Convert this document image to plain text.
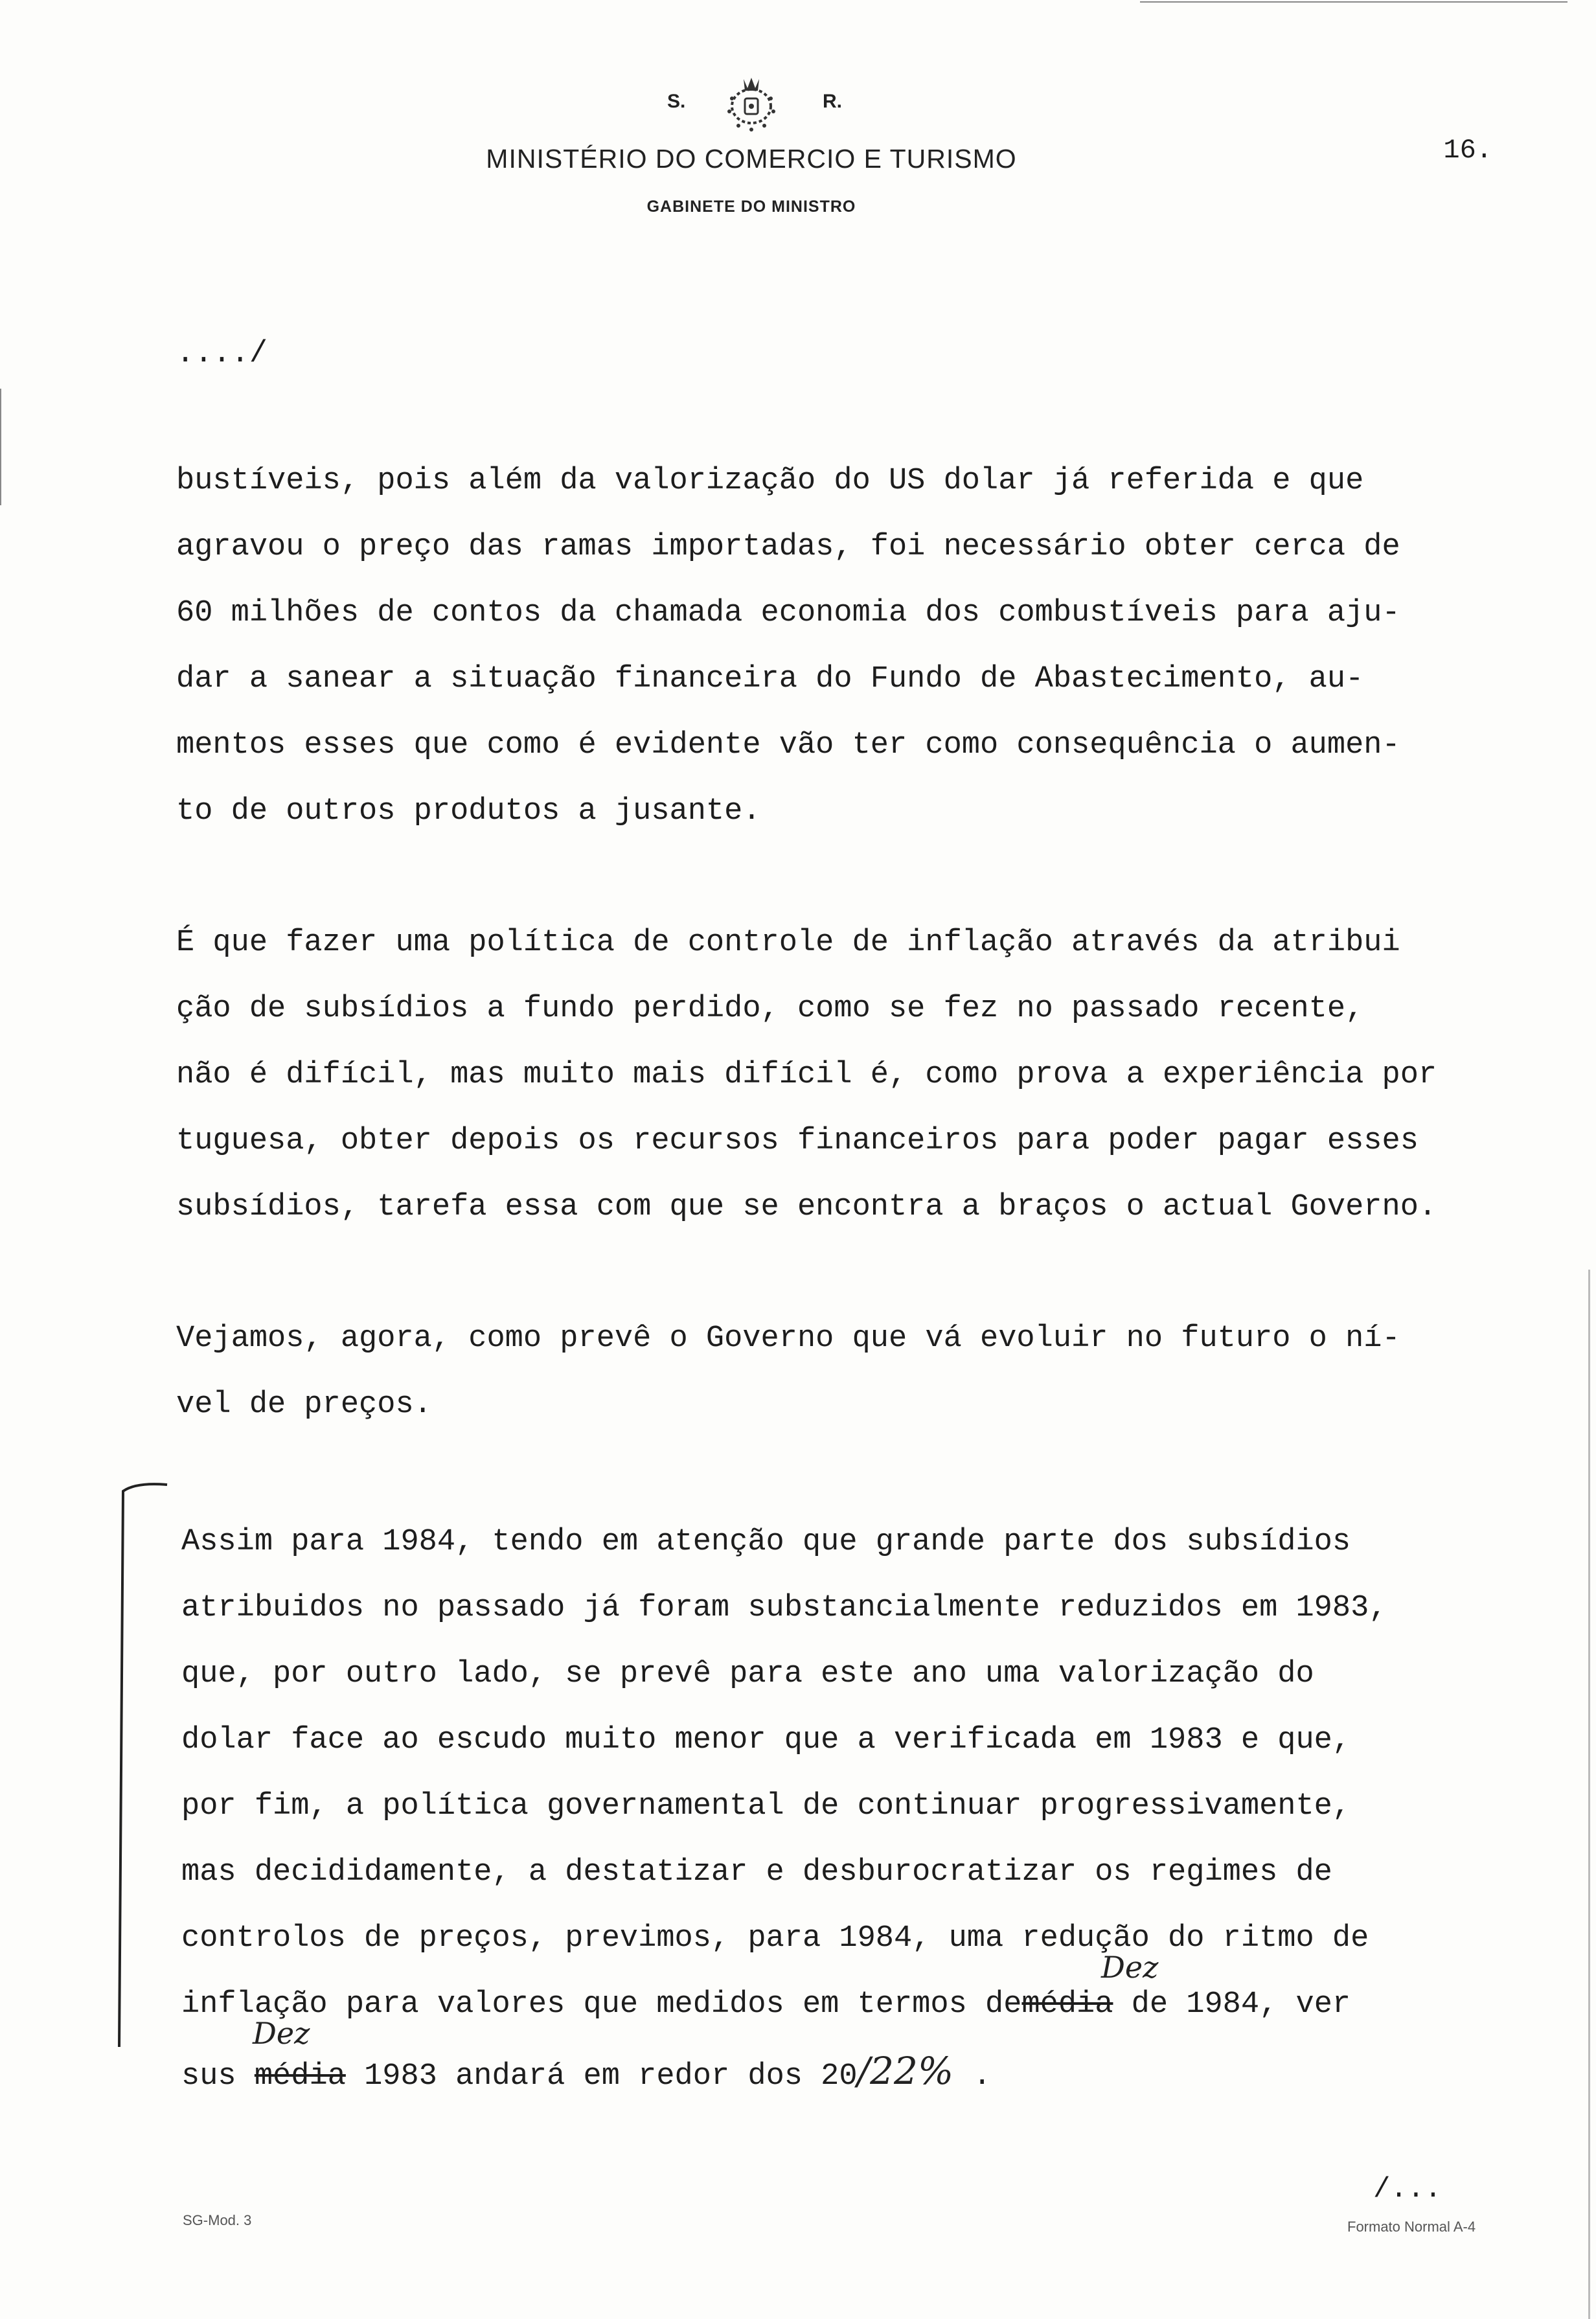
S.	R.
MINISTÉRIO DO COMERCIO E TURISMO
GABINETE DO MINISTRO
16.
..../
bustíveis, pois além da valorização do US dolar já referida e que
agravou o preço das ramas importadas, foi necessário obter cerca de
60 milhões de contos da chamada economia dos combustíveis para aju-
dar a sanear a situação financeira do Fundo de Abastecimento, au-
mentos esses que como é evidente vão ter como consequência o aumen-
to de outros produtos a jusante.
É que fazer uma política de controle de inflação através da atribui
ção de subsídios a fundo perdido, como se fez no passado recente,
não é difícil, mas muito mais difícil é, como prova a experiência por
tuguesa, obter depois os recursos financeiros para poder pagar esses
subsídios, tarefa essa com que se encontra a braços o actual Governo.
Vejamos, agora, como prevê o Governo que vá evoluir no futuro o ní-
vel de preços.
Assim para 1984, tendo em atenção que grande parte dos subsídios
atribuidos no passado já foram substancialmente reduzidos em 1983,
que, por outro lado, se prevê para este ano uma valorização do
dolar face ao escudo muito menor que a verificada em 1983 e que,
por fim, a política governamental de continuar progressivamente,
mas decididamente, a destatizar e desburocratizar os regimes de
controlos de preços, previmos, para 1984, uma redução do ritmo de
inflação para valores que medidos em termos demédia de 1984, ver
Dez
sus média 1983 andará em redor dos 20/22% .
Dez
SG-Mod. 3
/...
Formato Normal A-4
